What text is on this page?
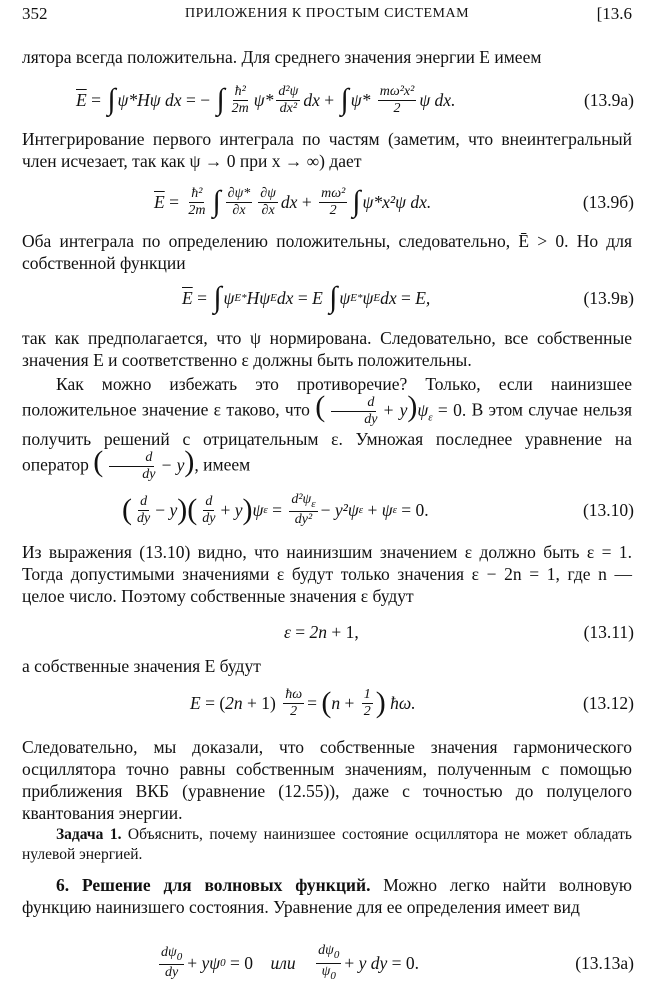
352	ПРИЛОЖЕНИЯ К ПРОСТЫМ СИСТЕМАМ	[13.6
лятора всегда положительна. Для среднего значения энергии E имеем
$\overline{E}$
=
∫ ψ*Hψ dx = −
∫ $\frac{\text{ħ²}}{2m} \psi* \frac{\text{d²ψ}}{\text{dx²}}$ dx +
∫ $\psi* \frac{\text{mω²x²}}{2}$ ψ dx.	(13.9а)
Интегрирование первого интеграла по частям (заметим, что внеинтегральный член исчезает, так как ψ → 0 при x → ∞) дает
$\overline{E}$
=
$\frac{\text{ħ²}}{2m}$ ∫ $\frac{\partial\psi*}{\partial x} \frac{\partial\psi}{\partial x}$ dx +
$\frac{\text{mω²}}{2}$ ∫ ψ*x²ψ dx.	(13.9б)
Оба интеграла по определению положительны, следовательно, Ē > 0. Но для собственной функции
$\overline{E}$
=
∫ ψ E * Hψ E dx = E ∫ ψ E * ψ E dx = E,	(13.9в)
так как предполагается, что ψ нормирована. Следовательно, все собственные значения E и соответственно ε должны быть положительны.
Как можно избежать это противоречие? Только, если наинизшее положительное значение ε таково, что ( $\frac{d}{dy} + y)\psi_\varepsilon = 0$. В этом случае нельзя получить решений с отрицательным ε. Умножая последнее уравнение на оператор ( $\frac{d}{dy} - y$), имеем
( $\frac{d}{dy} - y$ )( $\frac{d}{dy} + y$ ) ψ ε
=
$\frac{d^2\psi_\varepsilon}{\text{dy²}} - y^2\psi$ ε
+ ψ ε
= 0.	(13.10)
Из выражения (13.10) видно, что наинизшим значением ε должно быть ε = 1. Тогда допустимыми значениями ε будут только значения ε − 2n = 1, где n — целое число. Поэтому собственные значения ε будут
ε = 2n + 1,	(13.11)
а собственные значения E будут
E = ( 2n + 1)
$\frac{ħ\omega}{2}$ =
( n +
$\frac{1}{2}$ ) ħω.	(13.12)
Следовательно, мы доказали, что собственные значения гармонического осциллятора точно равны собственным значениям, полученным с помощью приближения ВКБ (уравнение (12.55)), даже с точностью до полуцелого квантования энергии.
Задача 1. Объяснить, почему наинизшее состояние осциллятора не может обладать нулевой энергией.
6. Решение для волновых функций. Можно легко найти волновую функцию наинизшего состояния. Уравнение для ее определения имеет вид
$\frac{d\psi_0}{dy} + y\psi$ 0
= 0
или
$\frac{d\psi_0}{\psi_0} + y$ dy = 0.	(13.13а)
